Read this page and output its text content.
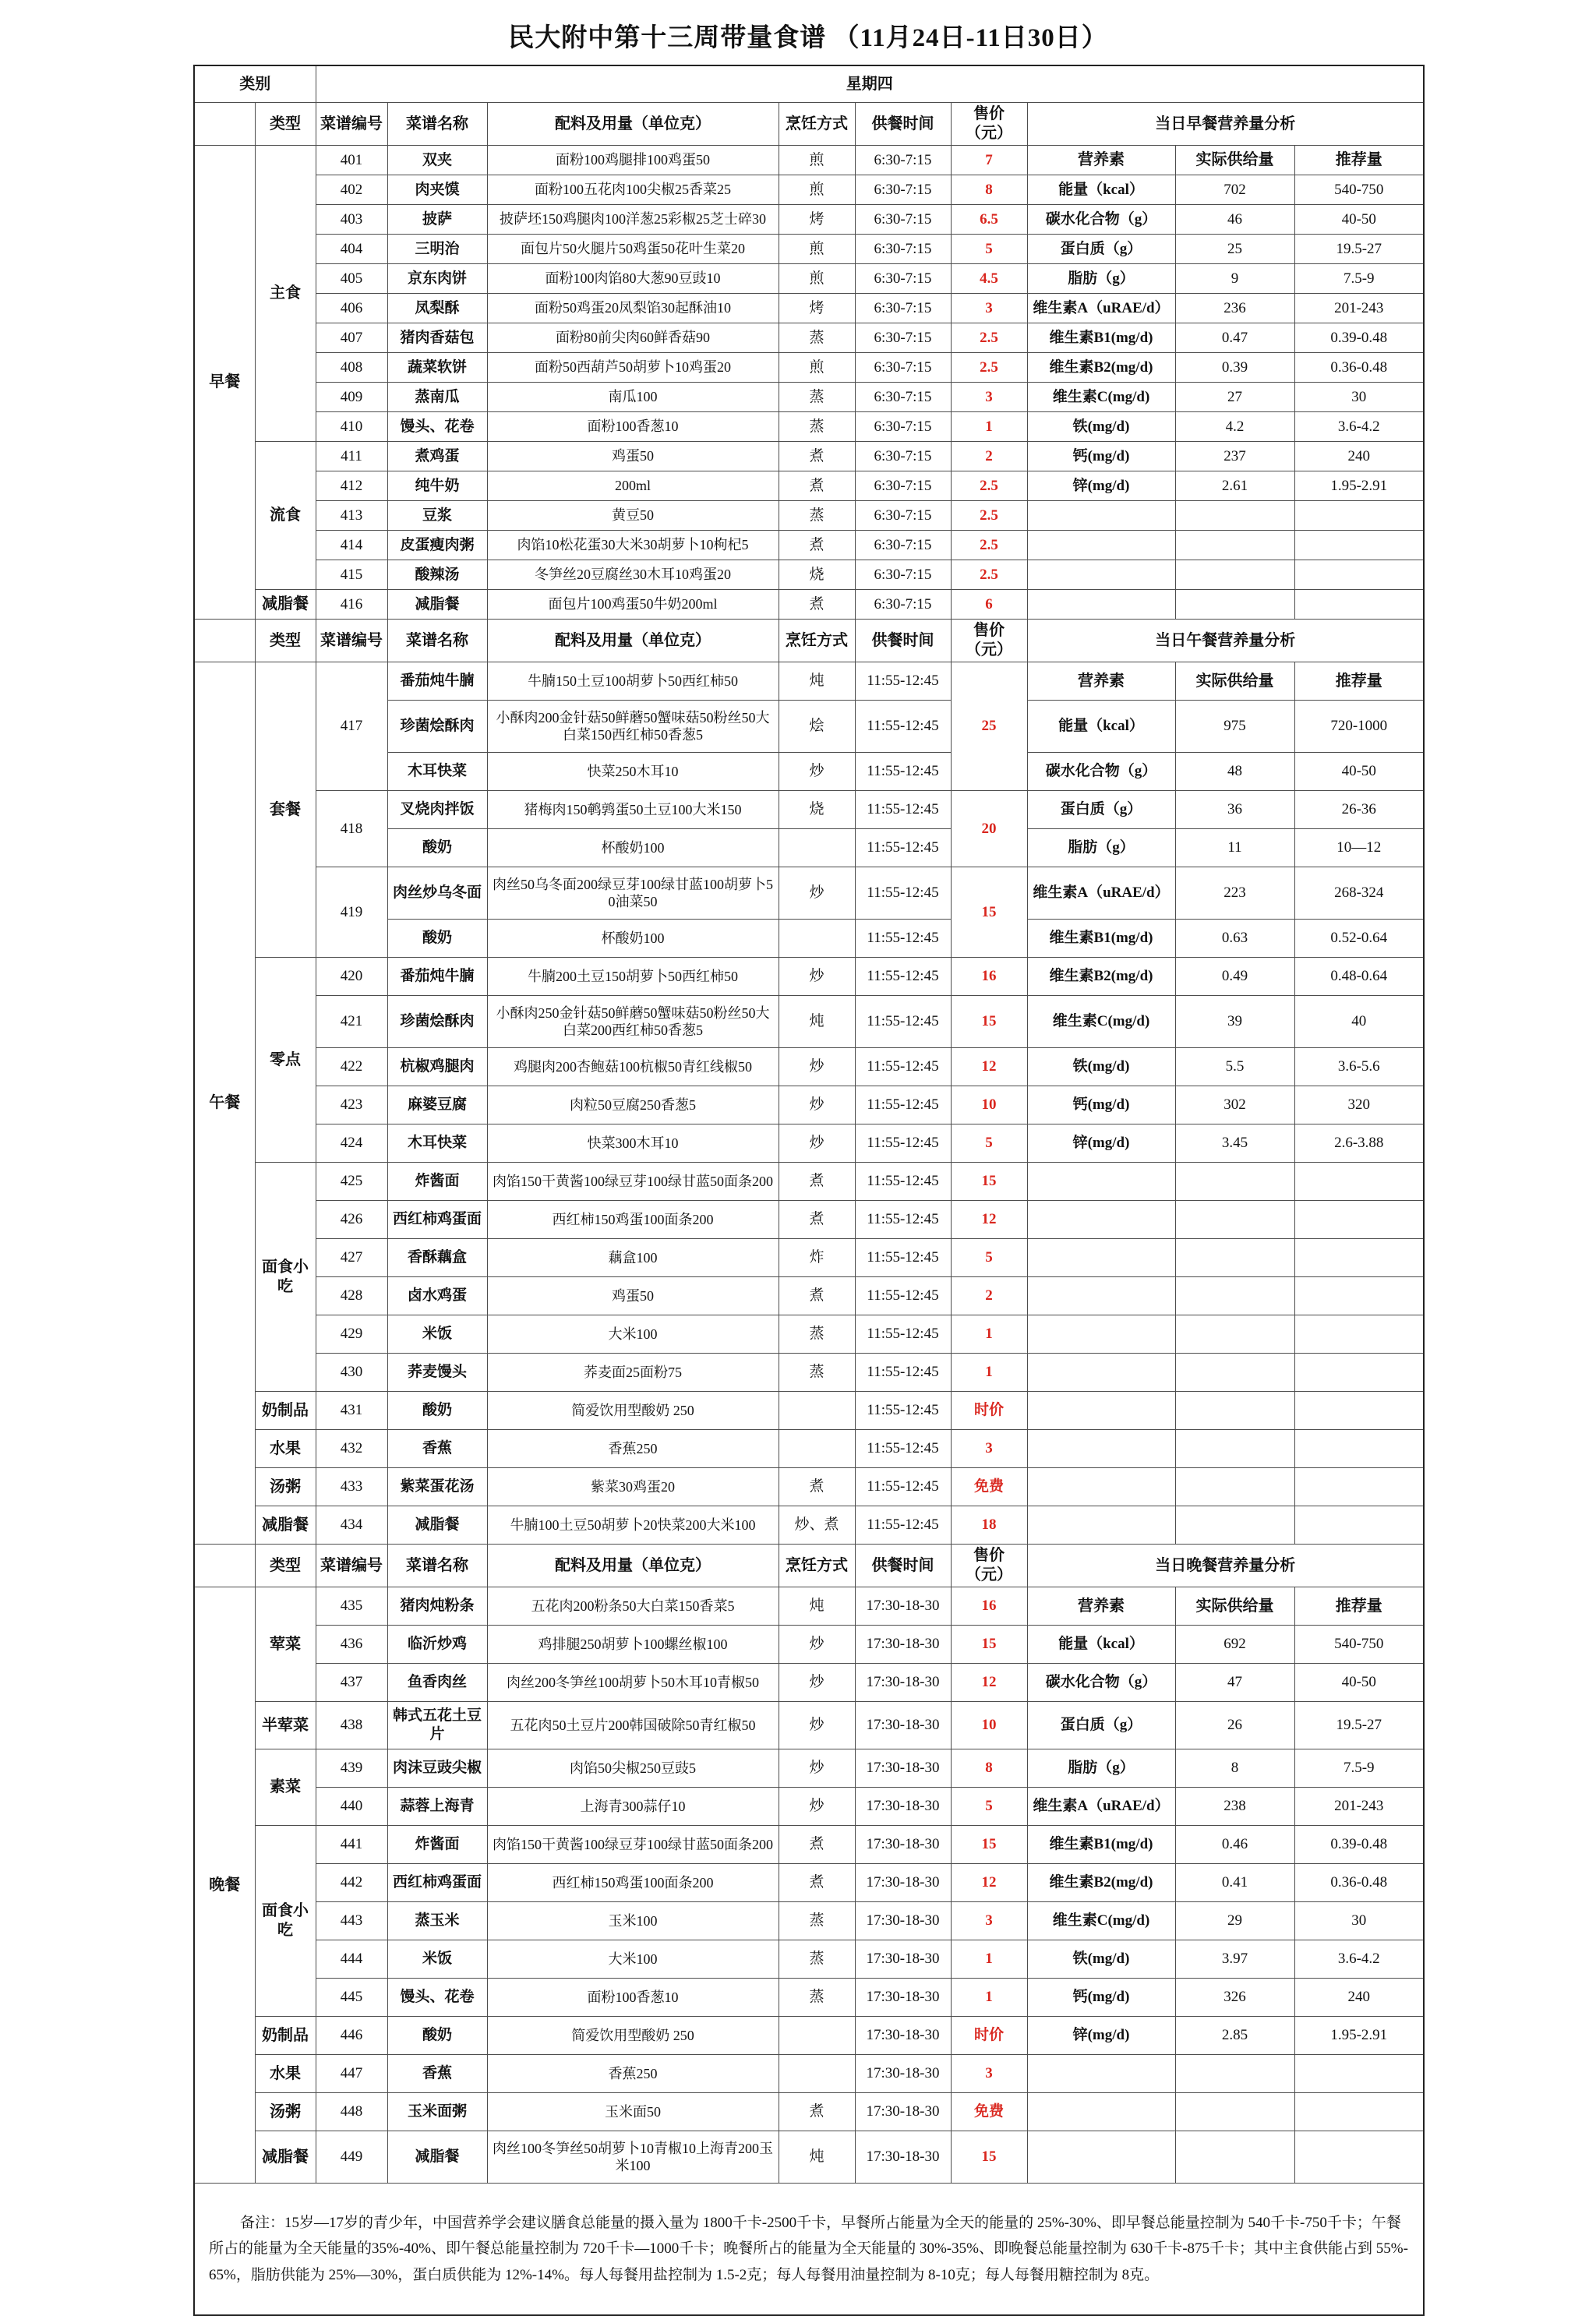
民大附中第十三周带量食谱 （11月24日-11日30日）
类别		星期四								
	类型	菜谱编号	菜谱名称	配料及用量（单位克）	烹饪方式	供餐时间	售价（元）	当日早餐营养量分析		
早餐	主食	401	双夹	面粉100鸡腿排100鸡蛋50	煎	6:30-7:15	7	营养素	实际供给量	推荐量
		402	肉夹馍	面粉100五花肉100尖椒25香菜25	煎	6:30-7:15	8	能量（kcal）	702	540-750
		403	披萨	披萨坯150鸡腿肉100洋葱25彩椒25芝士碎30	烤	6:30-7:15	6.5	碳水化合物（g）	46	40-50
		404	三明治	面包片50火腿片50鸡蛋50花叶生菜20	煎	6:30-7:15	5	蛋白质（g）	25	19.5-27
		405	京东肉饼	面粉100肉馅80大葱90豆豉10	煎	6:30-7:15	4.5	脂肪（g）	9	7.5-9
		406	凤梨酥	面粉50鸡蛋20凤梨馅30起酥油10	烤	6:30-7:15	3	维生素A（uRAE/d）	236	201-243
		407	猪肉香菇包	面粉80前尖肉60鲜香菇90	蒸	6:30-7:15	2.5	维生素B1(mg/d)	0.47	0.39-0.48
		408	蔬菜软饼	面粉50西葫芦50胡萝卜10鸡蛋20	煎	6:30-7:15	2.5	维生素B2(mg/d)	0.39	0.36-0.48
		409	蒸南瓜	南瓜100	蒸	6:30-7:15	3	维生素C(mg/d)	27	30
		410	馒头、花卷	面粉100香葱10	蒸	6:30-7:15	1	铁(mg/d)	4.2	3.6-4.2
	流食	411	煮鸡蛋	鸡蛋50	煮	6:30-7:15	2	钙(mg/d)	237	240
		412	纯牛奶	200ml	煮	6:30-7:15	2.5	锌(mg/d)	2.61	1.95-2.91
		413	豆浆	黄豆50	蒸	6:30-7:15	2.5			
		414	皮蛋瘦肉粥	肉馅10松花蛋30大米30胡萝卜10枸杞5	煮	6:30-7:15	2.5			
		415	酸辣汤	冬笋丝20豆腐丝30木耳10鸡蛋20	烧	6:30-7:15	2.5			
	减脂餐	416	减脂餐	面包片100鸡蛋50牛奶200ml	煮	6:30-7:15	6			
	类型	菜谱编号	菜谱名称	配料及用量（单位克）	烹饪方式	供餐时间	售价（元）	当日午餐营养量分析		
午餐	套餐	417	番茄炖牛腩	牛腩150土豆100胡萝卜50西红柿50	炖	11:55-12:45	25	营养素	实际供给量	推荐量
			珍菌烩酥肉	小酥肉200金针菇50鲜蘑50蟹味菇50粉丝50大白菜150西红柿50香葱5	烩	11:55-12:45		能量（kcal）	975	720-1000
			木耳快菜	快菜250木耳10	炒	11:55-12:45		碳水化合物（g）	48	40-50
		418	叉烧肉拌饭	猪梅肉150鹌鹑蛋50土豆100大米150	烧	11:55-12:45	20	蛋白质（g）	36	26-36
			酸奶	杯酸奶100		11:55-12:45		脂肪（g）	11	10—12
		419	肉丝炒乌冬面	肉丝50乌冬面200绿豆芽100绿甘蓝100胡萝卜50油菜50	炒	11:55-12:45	15	维生素A（uRAE/d）	223	268-324
			酸奶	杯酸奶100		11:55-12:45		维生素B1(mg/d)	0.63	0.52-0.64
	零点	420	番茄炖牛腩	牛腩200土豆150胡萝卜50西红柿50	炒	11:55-12:45	16	维生素B2(mg/d)	0.49	0.48-0.64
		421	珍菌烩酥肉	小酥肉250金针菇50鲜蘑50蟹味菇50粉丝50大白菜200西红柿50香葱5	炖	11:55-12:45	15	维生素C(mg/d)	39	40
		422	杭椒鸡腿肉	鸡腿肉200杏鲍菇100杭椒50青红线椒50	炒	11:55-12:45	12	铁(mg/d)	5.5	3.6-5.6
		423	麻婆豆腐	肉粒50豆腐250香葱5	炒	11:55-12:45	10	钙(mg/d)	302	320
		424	木耳快菜	快菜300木耳10	炒	11:55-12:45	5	锌(mg/d)	3.45	2.6-3.88
	面食小吃	425	炸酱面	肉馅150干黄酱100绿豆芽100绿甘蓝50面条200	煮	11:55-12:45	15			
		426	西红柿鸡蛋面	西红柿150鸡蛋100面条200	煮	11:55-12:45	12			
		427	香酥藕盒	藕盒100	炸	11:55-12:45	5			
		428	卤水鸡蛋	鸡蛋50	煮	11:55-12:45	2			
		429	米饭	大米100	蒸	11:55-12:45	1			
		430	荞麦馒头	荞麦面25面粉75	蒸	11:55-12:45	1			
	奶制品	431	酸奶	简爱饮用型酸奶 250		11:55-12:45	时价			
	水果	432	香蕉	香蕉250		11:55-12:45	3			
	汤粥	433	紫菜蛋花汤	紫菜30鸡蛋20	煮	11:55-12:45	免费			
	减脂餐	434	减脂餐	牛腩100土豆50胡萝卜20快菜200大米100	炒、煮	11:55-12:45	18			
	类型	菜谱编号	菜谱名称	配料及用量（单位克）	烹饪方式	供餐时间	售价（元）	当日晚餐营养量分析		
晚餐	荤菜	435	猪肉炖粉条	五花肉200粉条50大白菜150香菜5	炖	17:30-18-30	16	营养素	实际供给量	推荐量
		436	临沂炒鸡	鸡排腿250胡萝卜100螺丝椒100	炒	17:30-18-30	15	能量（kcal）	692	540-750
		437	鱼香肉丝	肉丝200冬笋丝100胡萝卜50木耳10青椒50	炒	17:30-18-30	12	碳水化合物（g）	47	40-50
	半荤菜	438	韩式五花土豆片	五花肉50土豆片200韩国破除50青红椒50	炒	17:30-18-30	10	蛋白质（g）	26	19.5-27
	素菜	439	肉沫豆豉尖椒	肉馅50尖椒250豆豉5	炒	17:30-18-30	8	脂肪（g）	8	7.5-9
		440	蒜蓉上海青	上海青300蒜仔10	炒	17:30-18-30	5	维生素A（uRAE/d）	238	201-243
	面食小吃	441	炸酱面	肉馅150干黄酱100绿豆芽100绿甘蓝50面条200	煮	17:30-18-30	15	维生素B1(mg/d)	0.46	0.39-0.48
		442	西红柿鸡蛋面	西红柿150鸡蛋100面条200	煮	17:30-18-30	12	维生素B2(mg/d)	0.41	0.36-0.48
		443	蒸玉米	玉米100	蒸	17:30-18-30	3	维生素C(mg/d)	29	30
		444	米饭	大米100	蒸	17:30-18-30	1	铁(mg/d)	3.97	3.6-4.2
		445	馒头、花卷	面粉100香葱10	蒸	17:30-18-30	1	钙(mg/d)	326	240
	奶制品	446	酸奶	简爱饮用型酸奶 250		17:30-18-30	时价	锌(mg/d)	2.85	1.95-2.91
	水果	447	香蕉	香蕉250		17:30-18-30	3			
	汤粥	448	玉米面粥	玉米面50	煮	17:30-18-30	免费			
	减脂餐	449	减脂餐	肉丝100冬笋丝50胡萝卜10青椒10上海青200玉米100	炖	17:30-18-30	15			
备注：15岁—17岁的青少年，中国营养学会建议膳食总能量的摄入量为 1800千卡-2500千卡，早餐所占能量为全天的能量的 25%-30%、即早餐总能量控制为 540千卡-750千卡；午餐所占的能量为全天能量的35%-40%、即午餐总能量控制为 720千卡—1000千卡；晚餐所占的能量为全天能量的 30%-35%、即晚餐总能量控制为 630千卡-875千卡；其中主食供能占到 55%-65%，脂肪供能为 25%—30%，蛋白质供能为 12%-14%。每人每餐用盐控制为 1.5-2克；每人每餐用油量控制为 8-10克；每人每餐用糖控制为 8克。										
